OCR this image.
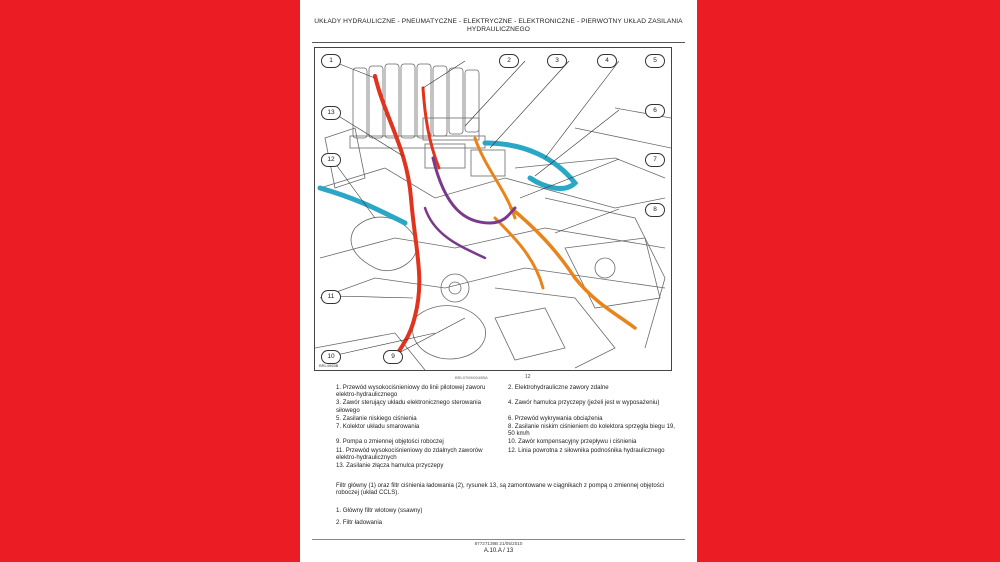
UKŁADY HYDRAULICZNE - PNEUMATYCZNE - ELEKTRYCZNE - ELEKTRONICZNE - PIERWOTNY UKŁAD ZASILANIA HYDRAULICZNEGO
1	2	3	4	5
6
7
8
9
10
11
12
13
BRL4965B
BRL07MH0049BA	12
1. Przewód wysokociśnieniowy do linii pilotowej zaworu elektro-hydraulicznego
2. Elektrohydrauliczne zawory zdalne
3. Zawór sterujący układu elektronicznego sterowania siłowego
4. Zawór hamulca przyczepy (jeżeli jest w wyposażeniu)
5. Zasilanie niskiego ciśnienia	6. Przewód wykrywania obciążenia
7. Kolektor układu smarowania	8. Zasilanie niskim ciśnieniem do kolektora sprzęgła biegu 19, 50 km/h
9. Pompa o zmiennej objętości roboczej	10. Zawór kompensacyjny przepływu i ciśnienia
11. Przewód wysokociśnieniowy do zdalnych zaworów elektro-hydraulicznych
12. Linia powrotna z siłownika podnośnika hydraulicznego
13. Zasilanie złącza hamulca przyczepy
Filtr główny (1) oraz filtr ciśnienia ładowania (2), rysunek 13, są zamontowane w ciągnikach z pompą o zmiennej objętości roboczej (układ CCLS).
1. Główny filtr wlotowy (ssawny)
2. Filtr ładowania
87727139B 21/05/2010
A.10.A / 13
